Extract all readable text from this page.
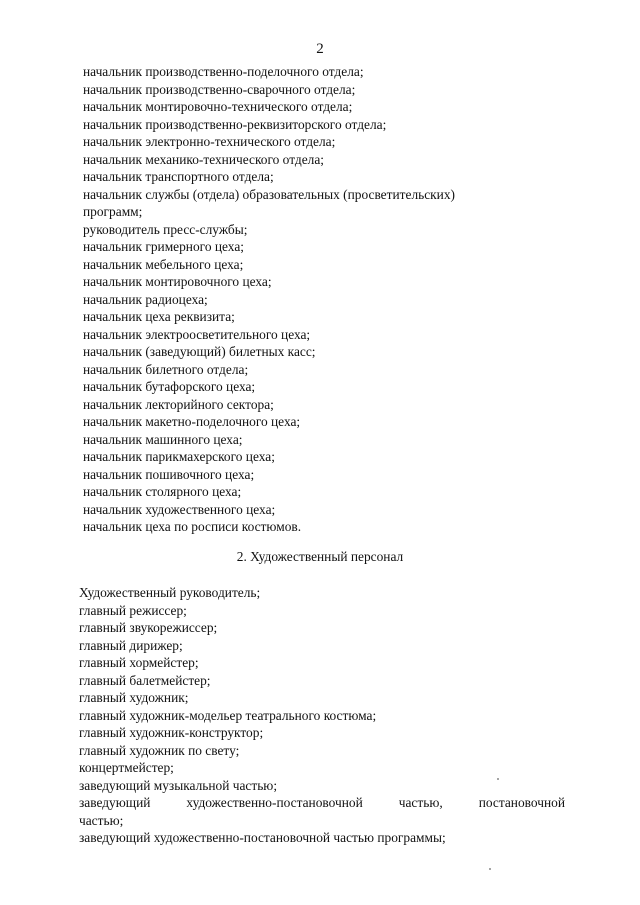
2
начальник производственно-поделочного отдела;
начальник производственно-сварочного отдела;
начальник монтировочно-технического отдела;
начальник производственно-реквизиторского отдела;
начальник электронно-технического отдела;
начальник механико-технического отдела;
начальник транспортного отдела;
начальник службы (отдела) образовательных (просветительских)
программ;
руководитель пресс-службы;
начальник гримерного цеха;
начальник мебельного цеха;
начальник монтировочного цеха;
начальник радиоцеха;
начальник цеха реквизита;
начальник электроосветительного цеха;
начальник (заведующий) билетных касс;
начальник билетного отдела;
начальник бутафорского цеха;
начальник лекторийного сектора;
начальник макетно-поделочного цеха;
начальник машинного цеха;
начальник парикмахерского цеха;
начальник пошивочного цеха;
начальник столярного цеха;
начальник художественного цеха;
начальник цеха по росписи костюмов.
2. Художественный персонал
Художественный руководитель;
главный режиссер;
главный звукорежиссер;
главный дирижер;
главный хормейстер;
главный балетмейстер;
главный художник;
главный художник-модельер театрального костюма;
главный художник-конструктор;
главный художник по свету;
концертмейстер;
заведующий музыкальной частью;
заведующий	художественно-постановочной	частью,	постановочной
частью;
заведующий художественно-постановочной частью программы;
